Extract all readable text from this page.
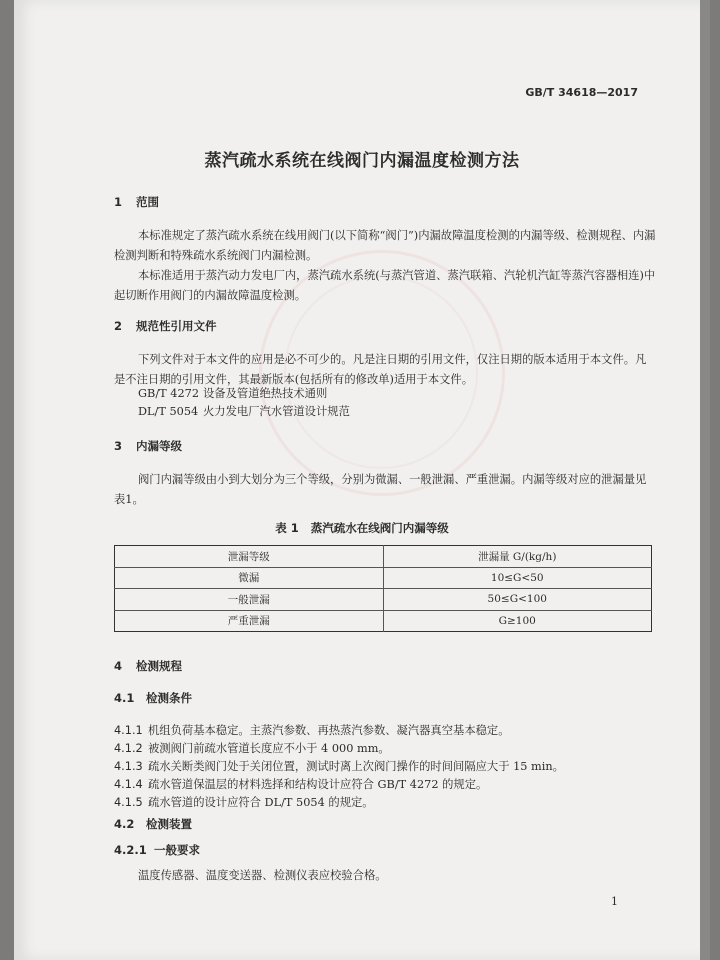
GB/T 34618—2017
蒸汽疏水系统在线阀门内漏温度检测方法
1 范围
本标准规定了蒸汽疏水系统在线用阀门(以下简称“阀门”)内漏故障温度检测的内漏等级、检测规程、内漏检测判断和特殊疏水系统阀门内漏检测。
本标准适用于蒸汽动力发电厂内，蒸汽疏水系统(与蒸汽管道、蒸汽联箱、汽轮机汽缸等蒸汽容器相连)中起切断作用阀门的内漏故障温度检测。
2 规范性引用文件
下列文件对于本文件的应用是必不可少的。凡是注日期的引用文件，仅注日期的版本适用于本文件。凡是不注日期的引用文件，其最新版本(包括所有的修改单)适用于本文件。
GB/T 4272 设备及管道绝热技术通则
DL/T 5054 火力发电厂汽水管道设计规范
3 内漏等级
阀门内漏等级由小到大划分为三个等级，分别为微漏、一般泄漏、严重泄漏。内漏等级对应的泄漏量见表1。
表 1 蒸汽疏水在线阀门内漏等级
泄漏等级	泄漏量 G/(kg/h)
微漏	10≤G<50
一般泄漏	50≤G<100
严重泄漏	G≥100
4 检测规程
4.1 检测条件
4.1.1 机组负荷基本稳定。主蒸汽参数、再热蒸汽参数、凝汽器真空基本稳定。
4.1.2 被测阀门前疏水管道长度应不小于 4 000 mm。
4.1.3 疏水关断类阀门处于关闭位置，测试时离上次阀门操作的时间间隔应大于 15 min。
4.1.4 疏水管道保温层的材料选择和结构设计应符合 GB/T 4272 的规定。
4.1.5 疏水管道的设计应符合 DL/T 5054 的规定。
4.2 检测装置
4.2.1 一般要求
温度传感器、温度变送器、检测仪表应校验合格。
1
